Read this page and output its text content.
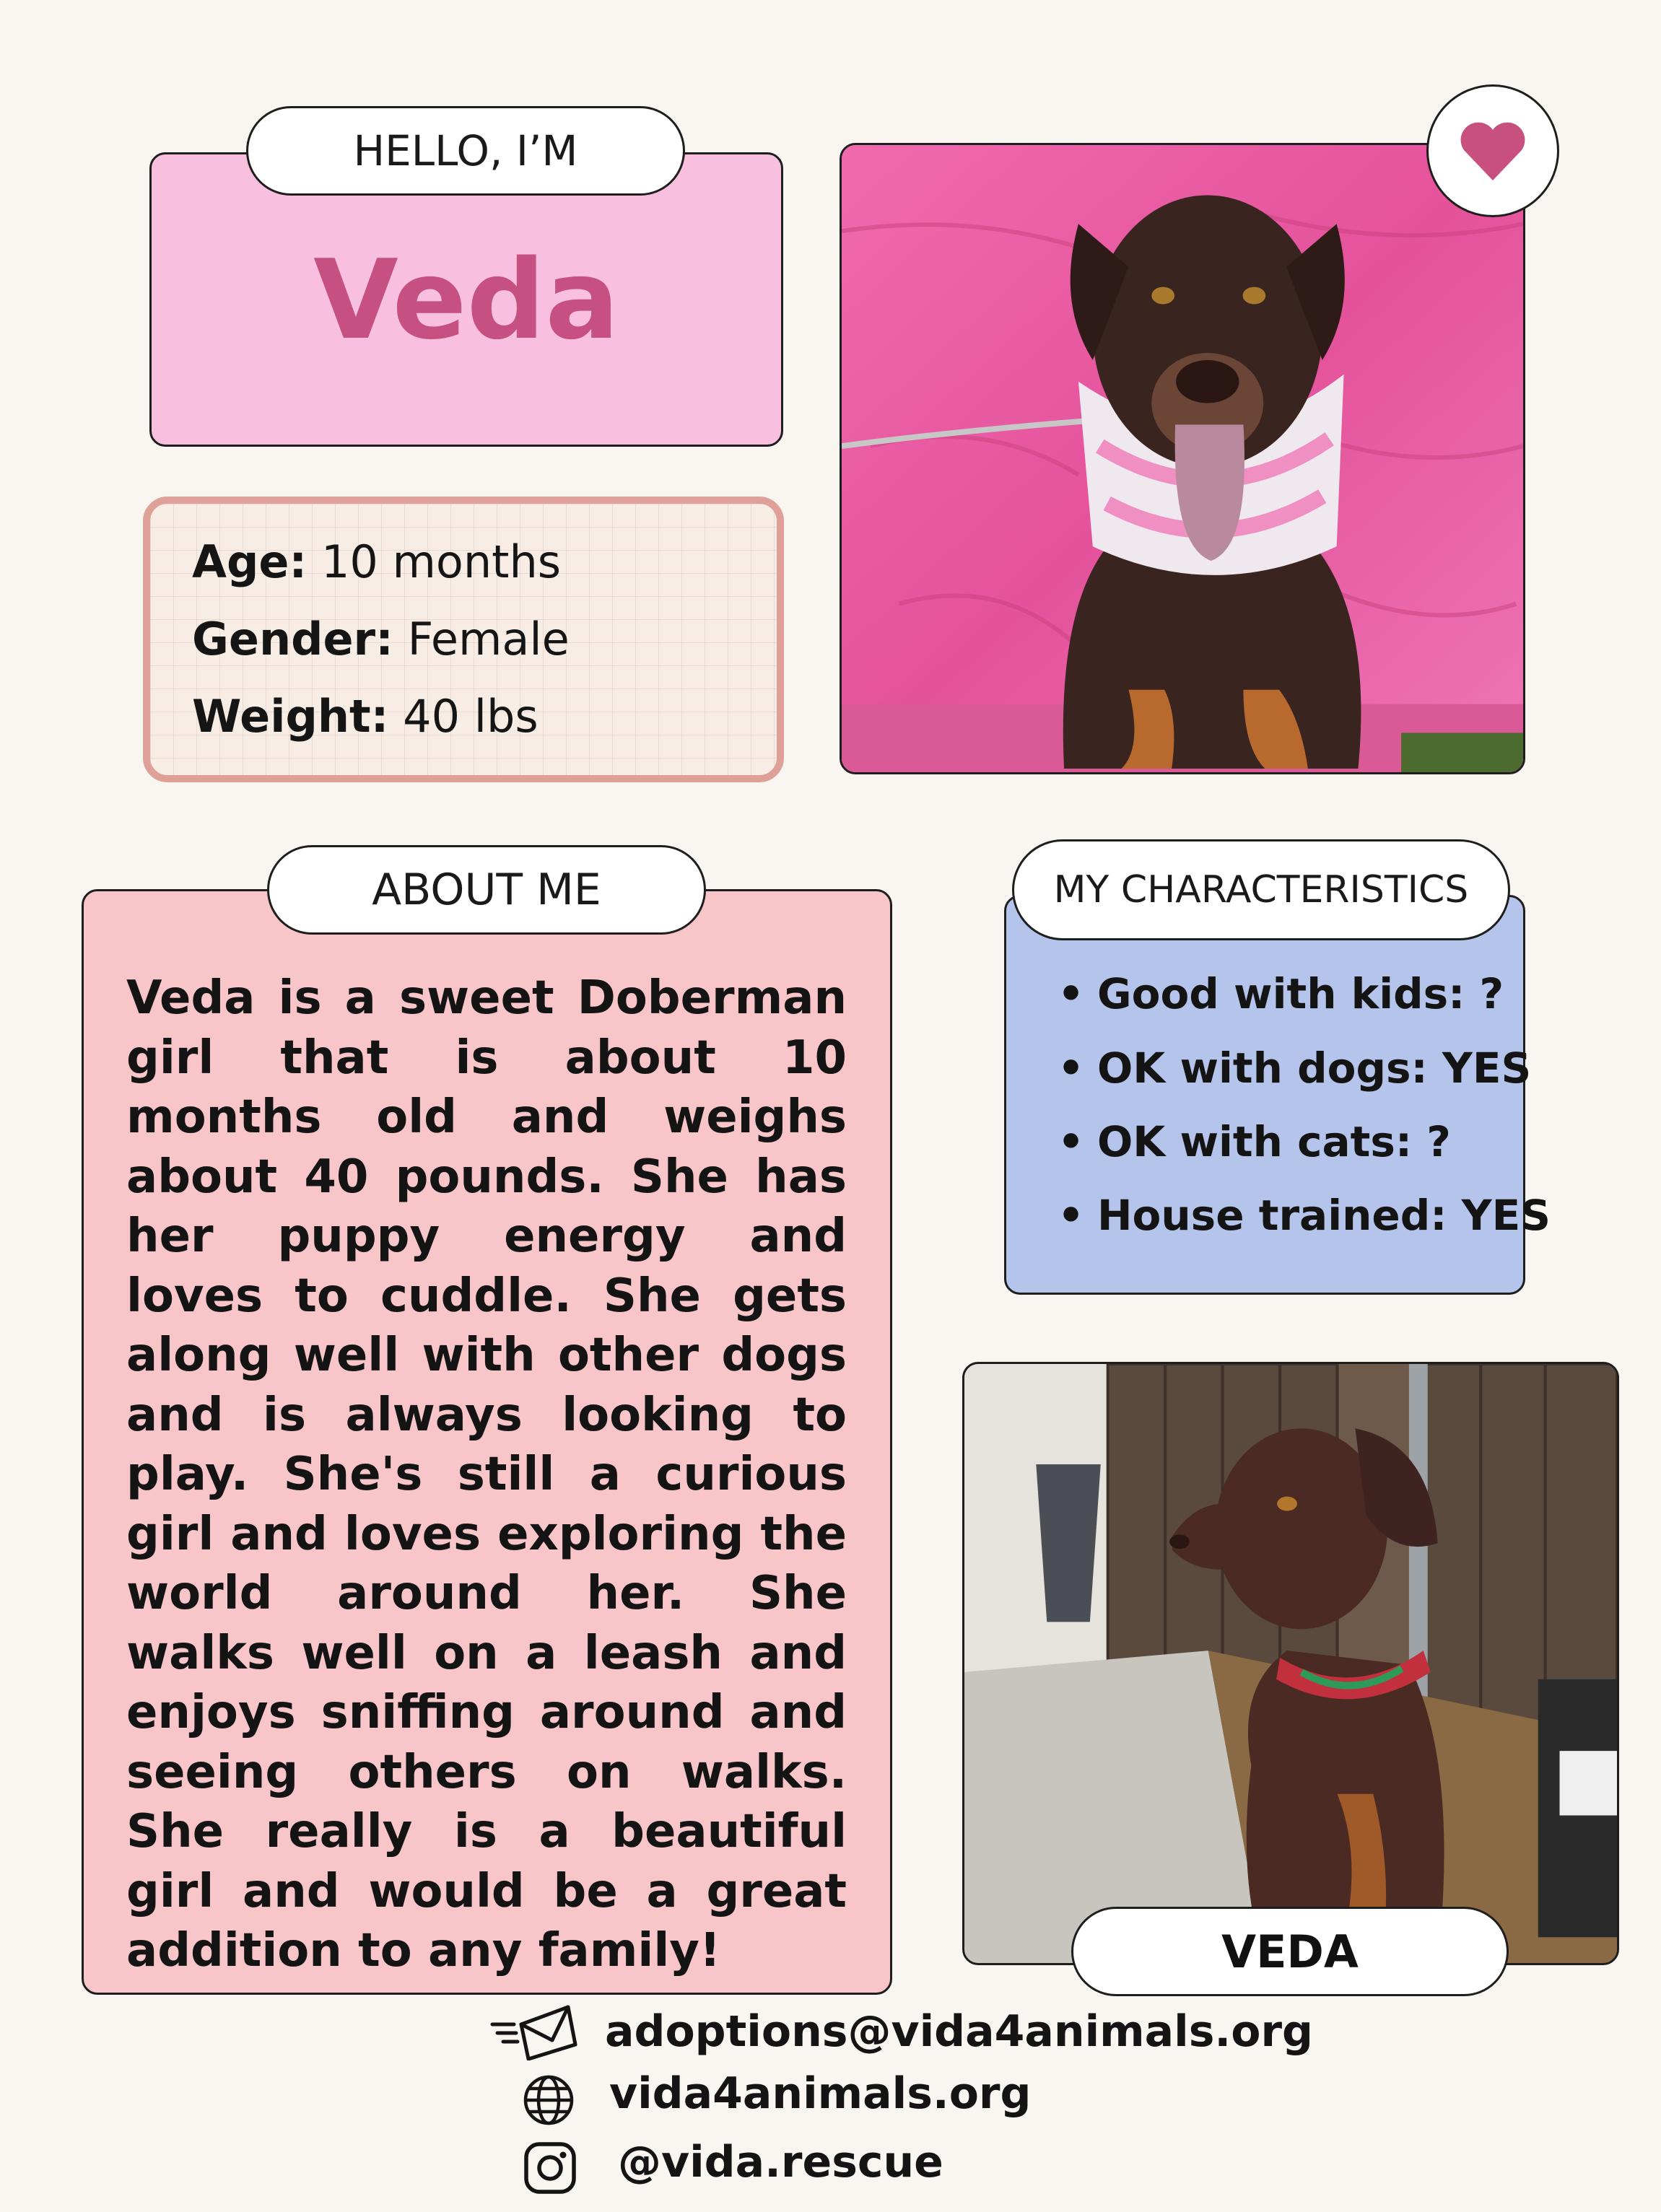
HELLO, I’M
Veda
Age: 10 months
Gender: Female
Weight: 40 lbs
ABOUT ME
Veda is a sweet Doberman girl that is about 10 months old and weighs about 40 pounds. She has her puppy energy and loves to cuddle. She gets along well with other dogs and is always looking to play. She's still a curious girl and loves exploring the world around her. She walks well on a leash and enjoys sniffing around and seeing others on walks. She really is a beautiful girl and would be a great addition to any family!
MY CHARACTERISTICS
• Good with kids: ?
• OK with dogs: YES
• OK with cats: ?
• House trained: YES
VEDA
adoptions@vida4animals.org
vida4animals.org
@vida.rescue
